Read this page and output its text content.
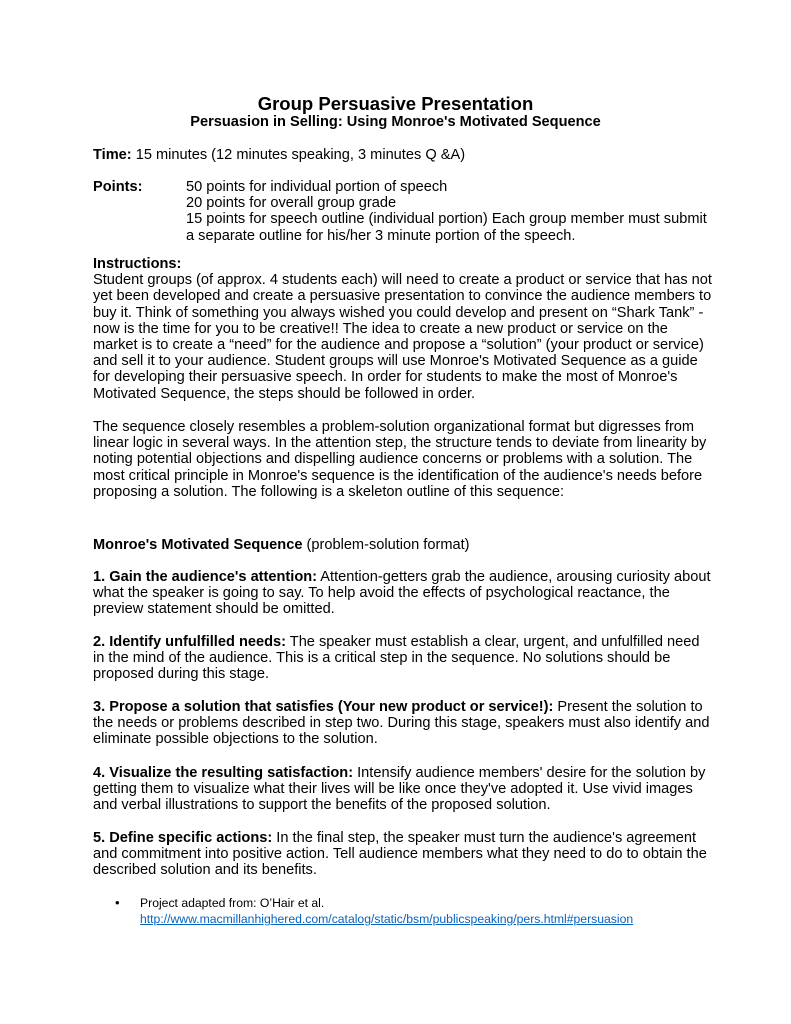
Group Persuasive Presentation
Persuasion in Selling: Using Monroe's Motivated Sequence

Time: 15 minutes (12 minutes speaking, 3 minutes Q &A)

Points:	50 points for individual portion of speech

20 points for overall group grade

15 points for speech outline (individual portion) Each group member must submit

a separate outline for his/her 3 minute portion of the speech.

Instructions:

Student groups (of approx. 4 students each) will need to create a product or service that has not

yet been developed and create a persuasive presentation to convince the audience members to

buy it. Think of something you always wished you could develop and present on “Shark Tank” -

now is the time for you to be creative!! The idea to create a new product or service on the

market is to create a “need” for the audience and propose a “solution” (your product or service)

and sell it to your audience. Student groups will use Monroe's Motivated Sequence as a guide

for developing their persuasive speech. In order for students to make the most of Monroe's

Motivated Sequence, the steps should be followed in order.

The sequence closely resembles a problem-solution organizational format but digresses from

linear logic in several ways. In the attention step, the structure tends to deviate from linearity by

noting potential objections and dispelling audience concerns or problems with a solution. The

most critical principle in Monroe's sequence is the identification of the audience's needs before

proposing a solution. The following is a skeleton outline of this sequence:

Monroe's Motivated Sequence (problem-solution format)

1. Gain the audience's attention: Attention-getters grab the audience, arousing curiosity about

what the speaker is going to say. To help avoid the effects of psychological reactance, the

preview statement should be omitted.

2. Identify unfulfilled needs: The speaker must establish a clear, urgent, and unfulfilled need

in the mind of the audience. This is a critical step in the sequence. No solutions should be

proposed during this stage.

3. Propose a solution that satisfies (Your new product or service!): Present the solution to

the needs or problems described in step two. During this stage, speakers must also identify and

eliminate possible objections to the solution.

4. Visualize the resulting satisfaction: Intensify audience members' desire for the solution by

getting them to visualize what their lives will be like once they've adopted it. Use vivid images

and verbal illustrations to support the benefits of the proposed solution.

5. Define specific actions: In the final step, the speaker must turn the audience's agreement

and commitment into positive action. Tell audience members what they need to do to obtain the

described solution and its benefits.

• Project adapted from: O’Hair et al.

http://www.macmillanhighered.com/catalog/static/bsm/publicspeaking/pers.html#persuasion
